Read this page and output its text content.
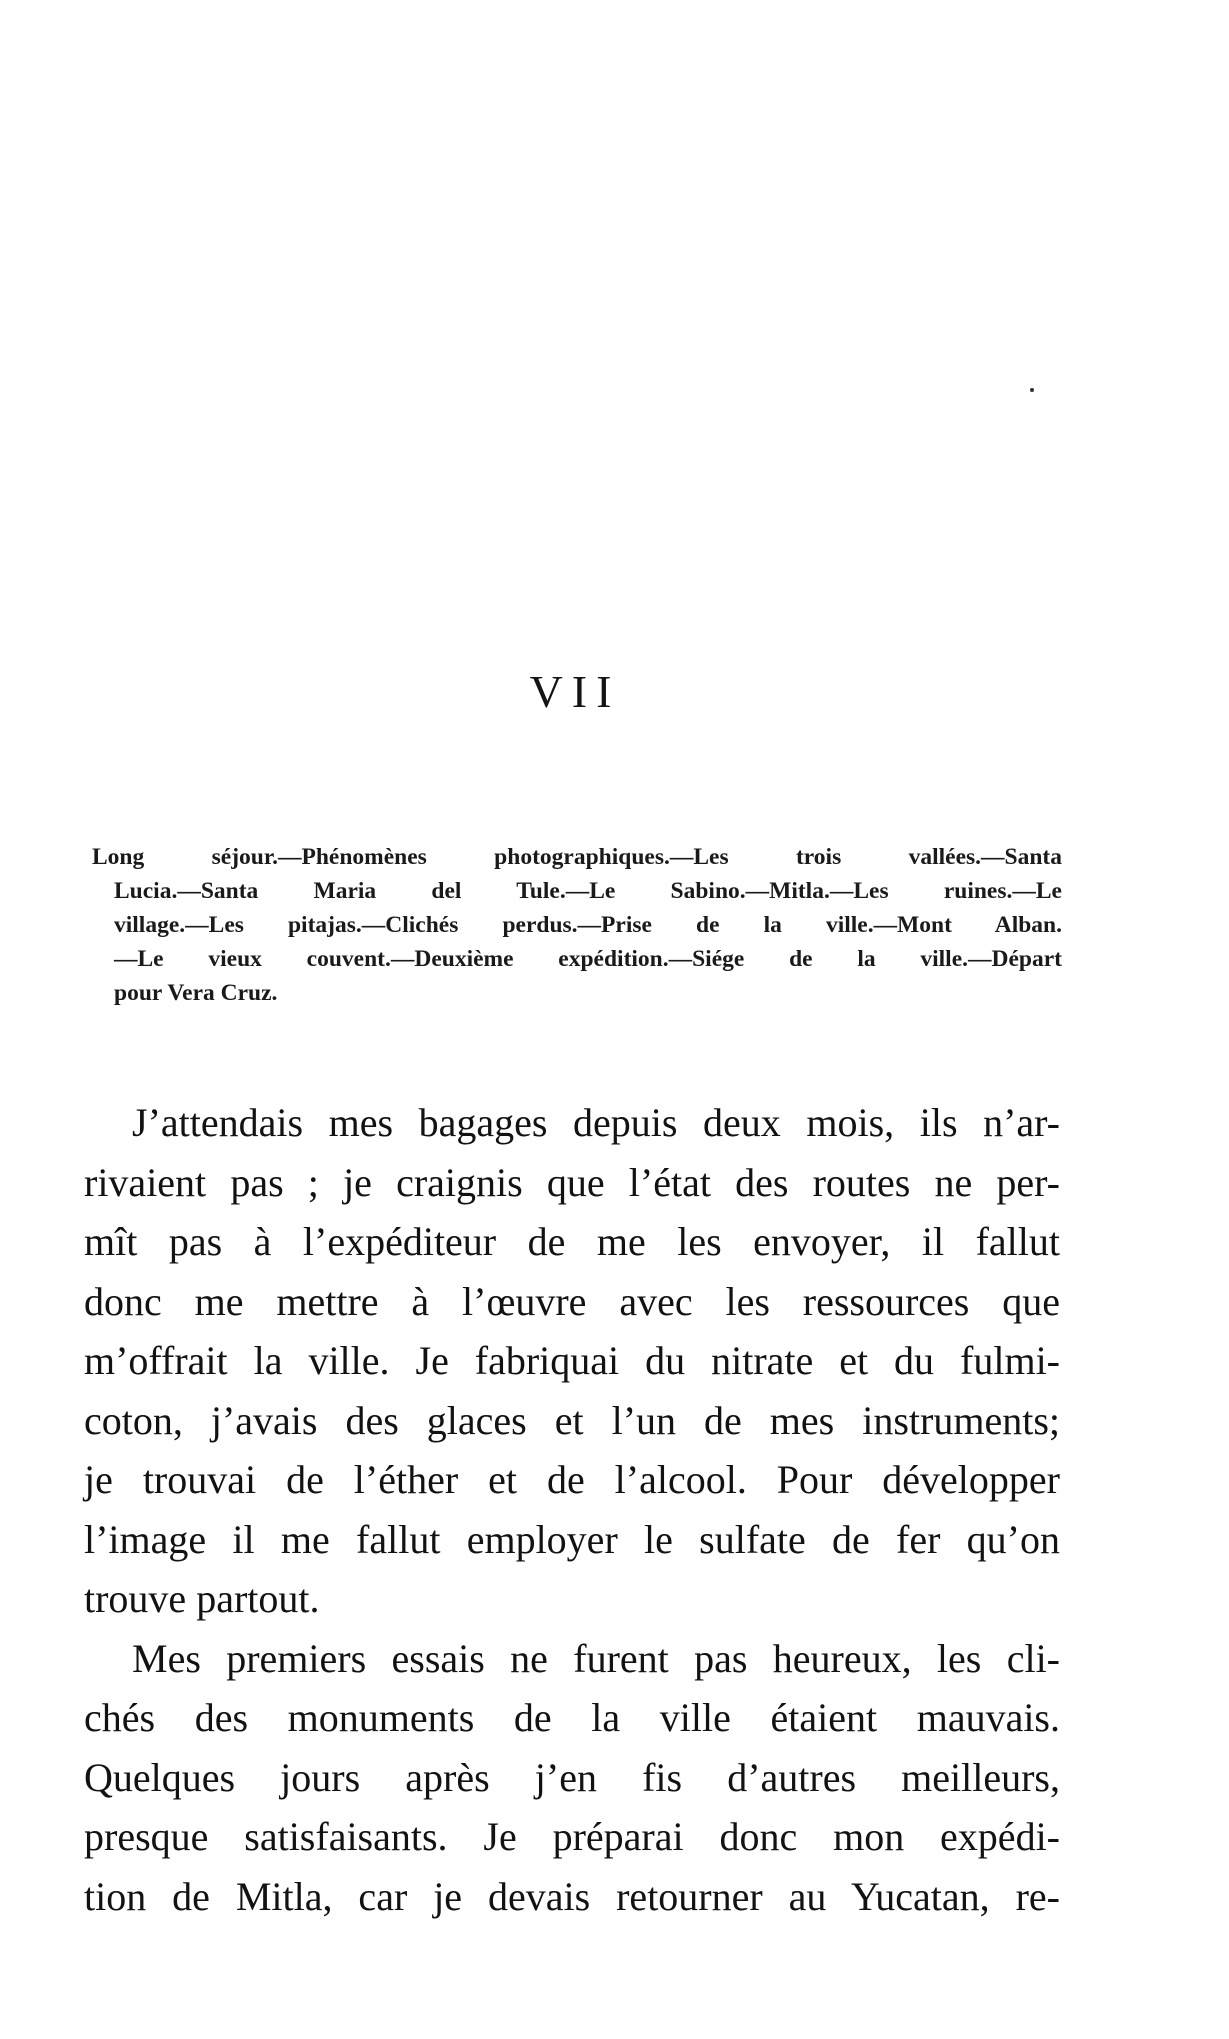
VII
Long séjour.—Phénomènes photographiques.—Les trois vallées.—Santa
Lucia.—Santa Maria del Tule.—Le Sabino.—Mitla.—Les ruines.—Le
village.—Les pitajas.—Clichés perdus.—Prise de la ville.—Mont Alban.
—Le vieux couvent.—Deuxième expédition.—Siége de la ville.—Départ
pour Vera Cruz.
J’attendais mes bagages depuis deux mois, ils n’ar-
rivaient pas ; je craignis que l’état des routes ne per-
mît pas à l’expéditeur de me les envoyer, il fallut
donc me mettre à l’œuvre avec les ressources que
m’offrait la ville. Je fabriquai du nitrate et du fulmi-
coton, j’avais des glaces et l’un de mes instruments;
je trouvai de l’éther et de l’alcool. Pour développer
l’image il me fallut employer le sulfate de fer qu’on
trouve partout.
Mes premiers essais ne furent pas heureux, les cli-
chés des monuments de la ville étaient mauvais.
Quelques jours après j’en fis d’autres meilleurs,
presque satisfaisants. Je préparai donc mon expédi-
tion de Mitla, car je devais retourner au Yucatan, re-
